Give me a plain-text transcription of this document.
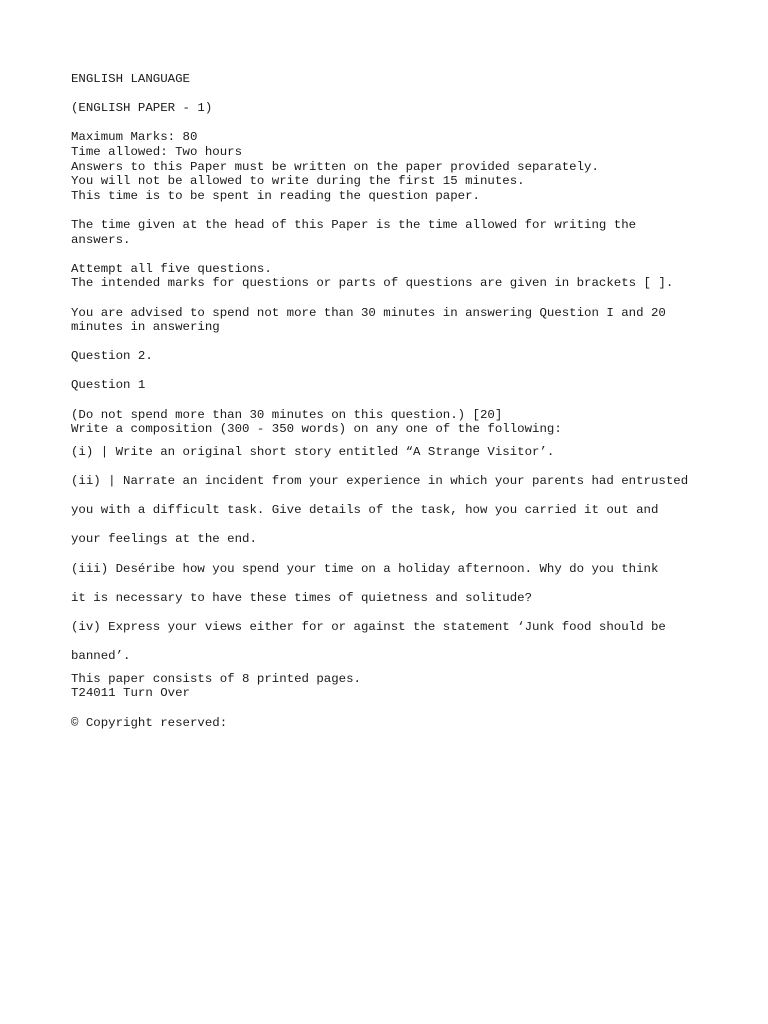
ENGLISH LANGUAGE
(ENGLISH PAPER - 1)
Maximum Marks: 80
Time allowed: Two hours
Answers to this Paper must be written on the paper provided separately.
You will not be allowed to write during the first 15 minutes.
This time is to be spent in reading the question paper.
The time given at the head of this Paper is the time allowed for writing the
answers.
Attempt all five questions.
The intended marks for questions or parts of questions are given in brackets [ ].
You are advised to spend not more than 30 minutes in answering Question I and 20
minutes in answering
Question 2.
Question 1
(Do not spend more than 30 minutes on this question.) [20]
Write a composition (300 - 350 words) on any one of the following:
(i) | Write an original short story entitled “A Strange Visitor’.
(ii) | Narrate an incident from your experience in which your parents had entrusted
you with a difficult task. Give details of the task, how you carried it out and
your feelings at the end.
(iii) Deséribe how you spend your time on a holiday afternoon. Why do you think
it is necessary to have these times of quietness and solitude?
(iv) Express your views either for or against the statement ‘Junk food should be
banned’.
This paper consists of 8 printed pages.
T24011 Turn Over
© Copyright reserved:
